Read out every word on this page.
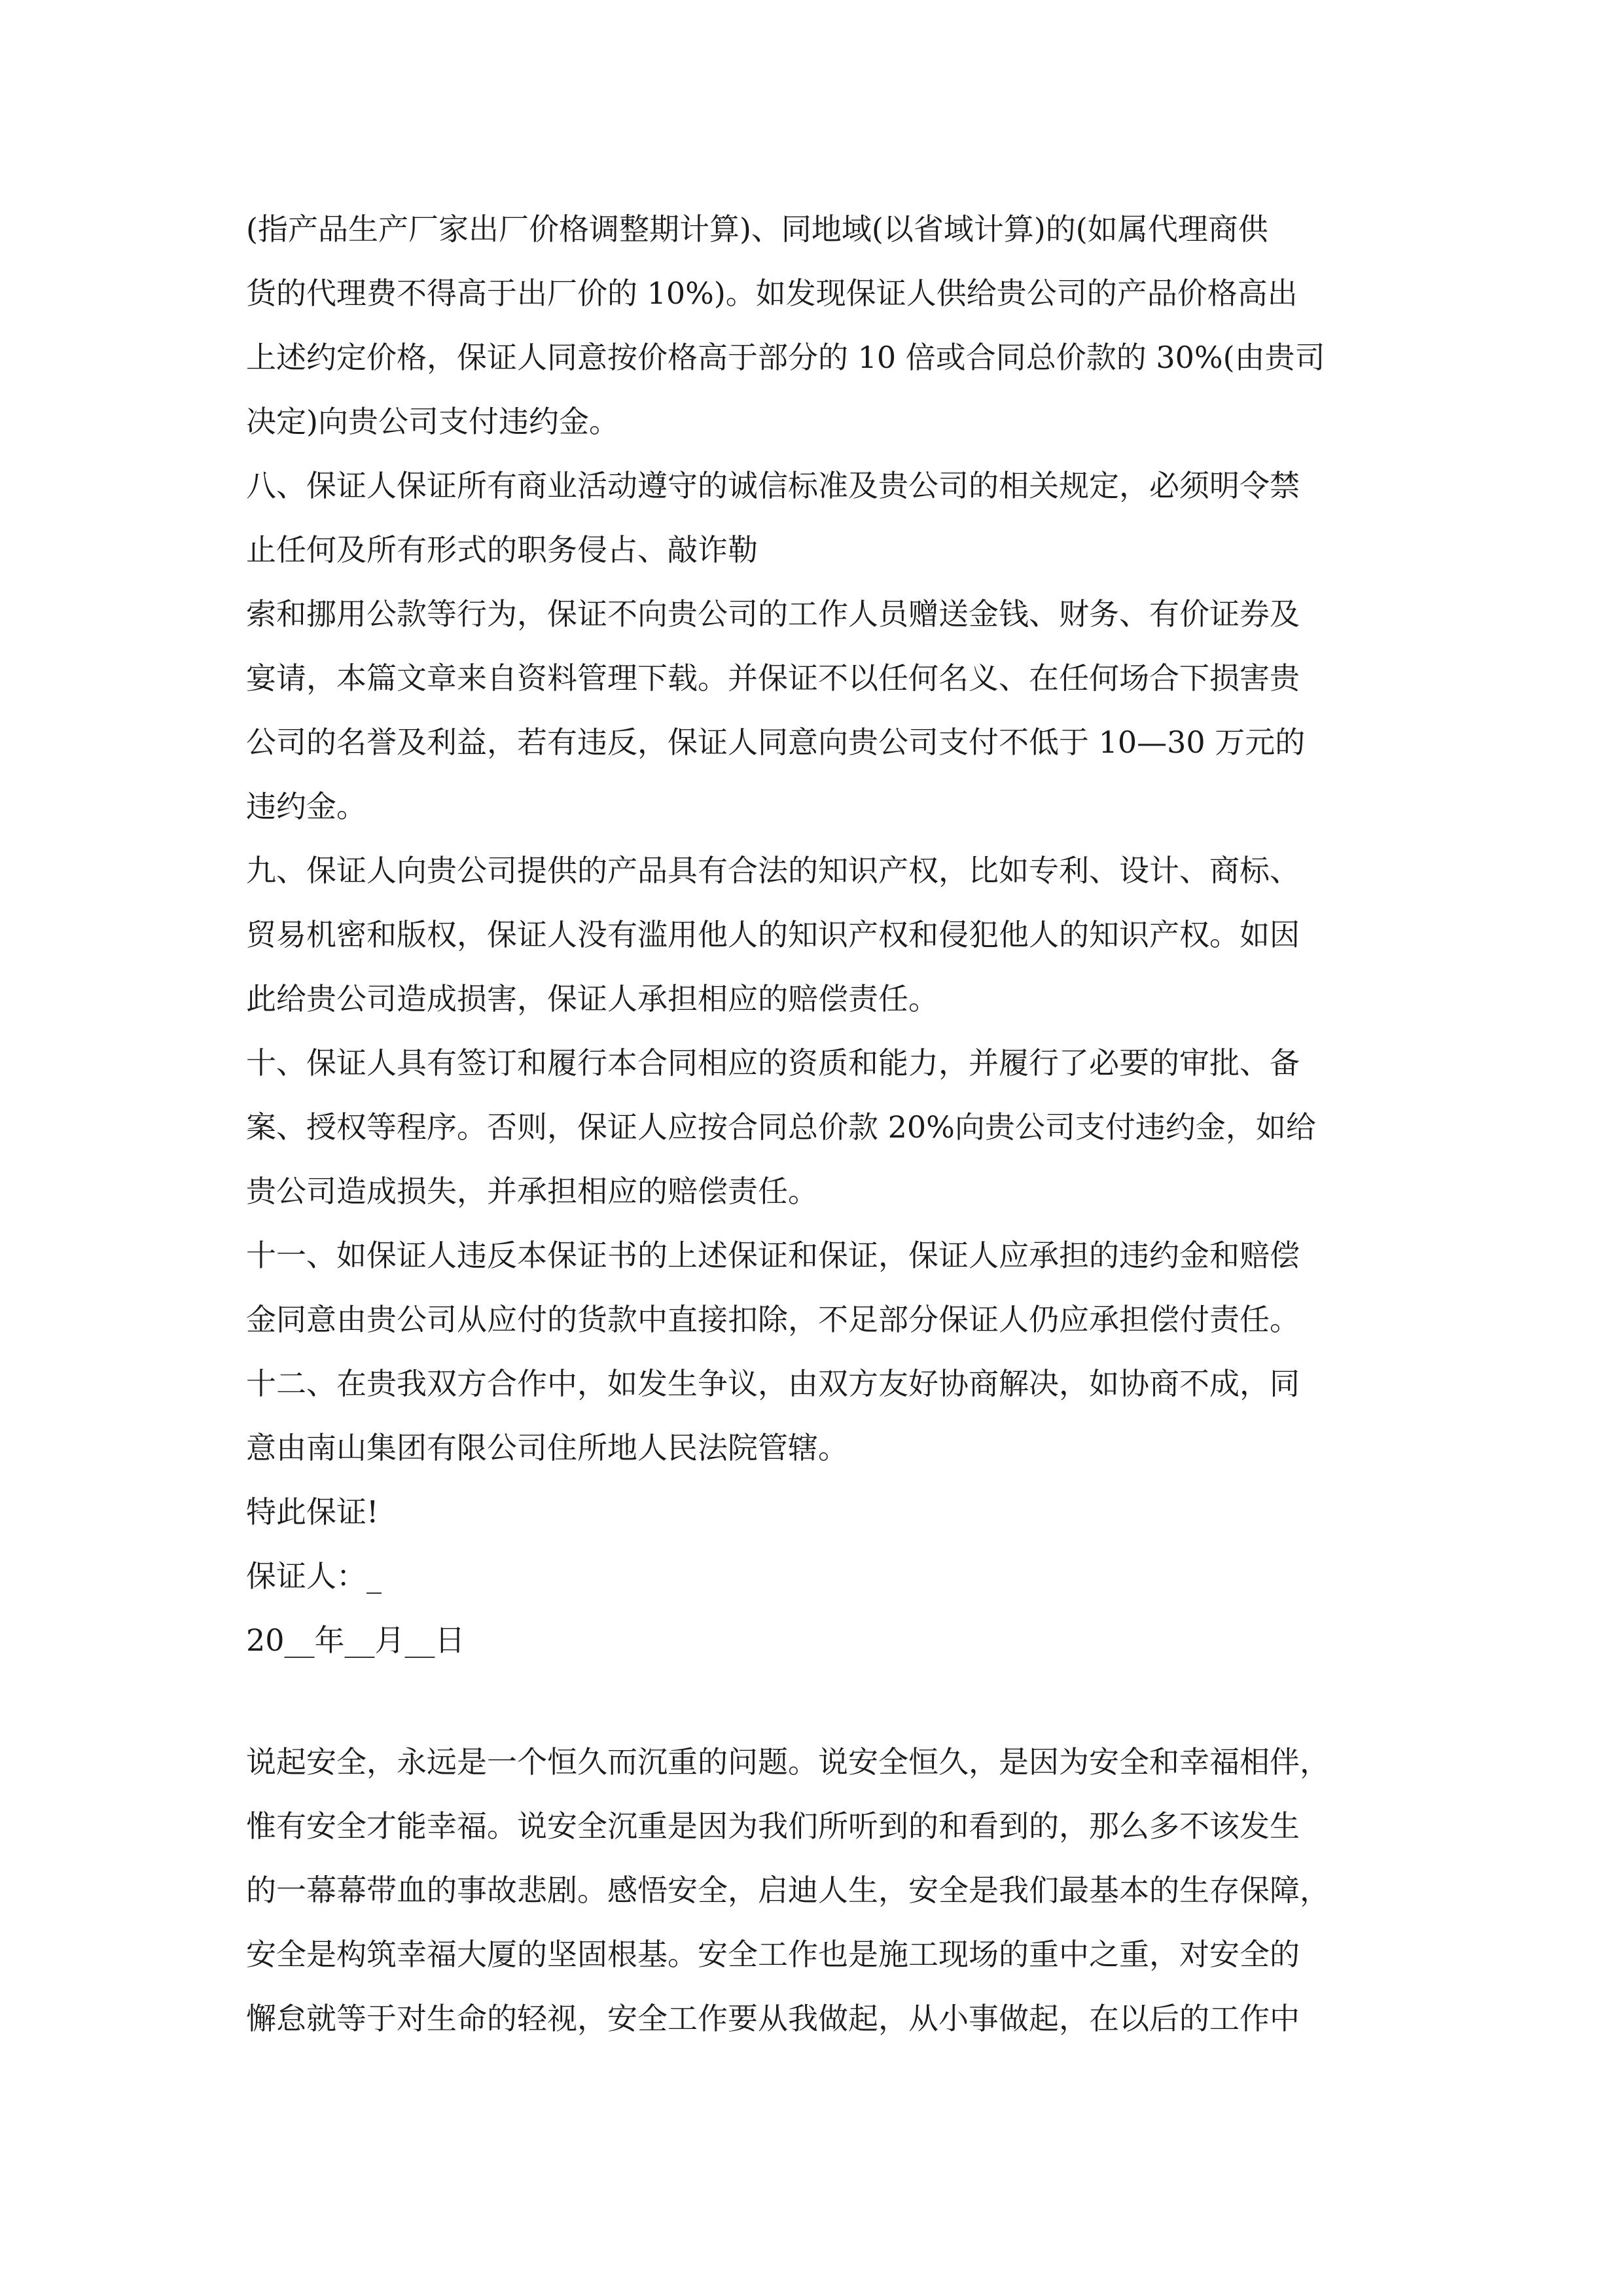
(指产品生产厂家出厂价格调整期计算)、同地域(以省域计算)的(如属代理商供

货的代理费不得高于出厂价的 10%)。如发现保证人供给贵公司的产品价格高出

上述约定价格，保证人同意按价格高于部分的 10 倍或合同总价款的 30%(由贵司

决定)向贵公司支付违约金。

八、保证人保证所有商业活动遵守的诚信标准及贵公司的相关规定，必须明令禁

止任何及所有形式的职务侵占、敲诈勒

索和挪用公款等行为，保证不向贵公司的工作人员赠送金钱、财务、有价证券及

宴请，本篇文章来自资料管理下载。并保证不以任何名义、在任何场合下损害贵

公司的名誉及利益，若有违反，保证人同意向贵公司支付不低于 10—30 万元的

违约金。

九、保证人向贵公司提供的产品具有合法的知识产权，比如专利、设计、商标、

贸易机密和版权，保证人没有滥用他人的知识产权和侵犯他人的知识产权。如因

此给贵公司造成损害，保证人承担相应的赔偿责任。

十、保证人具有签订和履行本合同相应的资质和能力，并履行了必要的审批、备

案、授权等程序。否则，保证人应按合同总价款 20%向贵公司支付违约金，如给

贵公司造成损失，并承担相应的赔偿责任。

十一、如保证人违反本保证书的上述保证和保证，保证人应承担的违约金和赔偿

金同意由贵公司从应付的货款中直接扣除，不足部分保证人仍应承担偿付责任。

十二、在贵我双方合作中，如发生争议，由双方友好协商解决，如协商不成，同

意由南山集团有限公司住所地人民法院管辖。

特此保证!

保证人：_

20__年__月__日

说起安全，永远是一个恒久而沉重的问题。说安全恒久，是因为安全和幸福相伴，

惟有安全才能幸福。说安全沉重是因为我们所听到的和看到的，那么多不该发生

的一幕幕带血的事故悲剧。感悟安全，启迪人生，安全是我们最基本的生存保障，

安全是构筑幸福大厦的坚固根基。安全工作也是施工现场的重中之重，对安全的

懈怠就等于对生命的轻视，安全工作要从我做起，从小事做起，在以后的工作中
